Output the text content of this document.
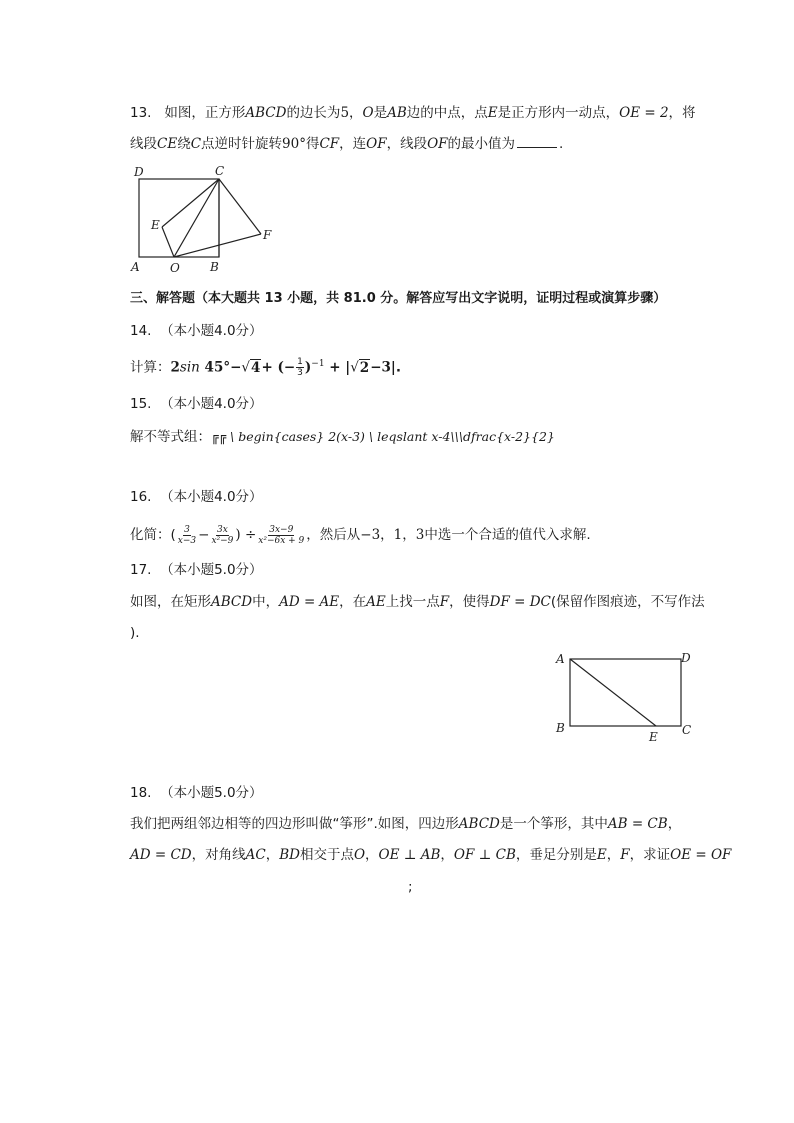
13. 如图，正方形ABCD的边长为5，O是AB边的中点，点E是正方形内一动点，OE = 2，将
线段CE绕C点逆时针旋转90°得CF，连OF，线段OF的最小值为	.
D	C
E
F
A	O	B
三、解答题（本大题共 13 小题，共 81.0 分。解答应写出文字说明，证明过程或演算步骤）
14. （本小题4.0分）
计算：2sin 45°−√4+ (− $\frac{1}{3} )^{-1} + |√2-3|$.
15. （本小题4.0分）
解不等式组：╔╔ \ begin{cases} 2(x-3) \ leqslant x-4\\\dfrac{x-2}{2}
16. （本小题4.0分）
化简：( $\frac{3}{x-3} - \frac{3x}{\text{x²−9}}$ ) ÷ $\frac{3x-9}{\text{x²−6x + 9}}$ ，然后从 −3，1，3 中选一个合适的值代入求解.
17. （本小题5.0分）
如图，在矩形ABCD中，AD = AE，在AE上找一点F，使得DF = DC(保留作图痕迹，不写作法
).
A	D
B
E C
18. （本小题5.0分）
我们把两组邻边相等的四边形叫做“筝形”.如图，四边形ABCD是一个筝形，其中AB = CB，
AD = CD，对角线AC，BD相交于点O，OE ⊥ AB，OF ⊥ CB，垂足分别是E，F，求证OE = OF
;
